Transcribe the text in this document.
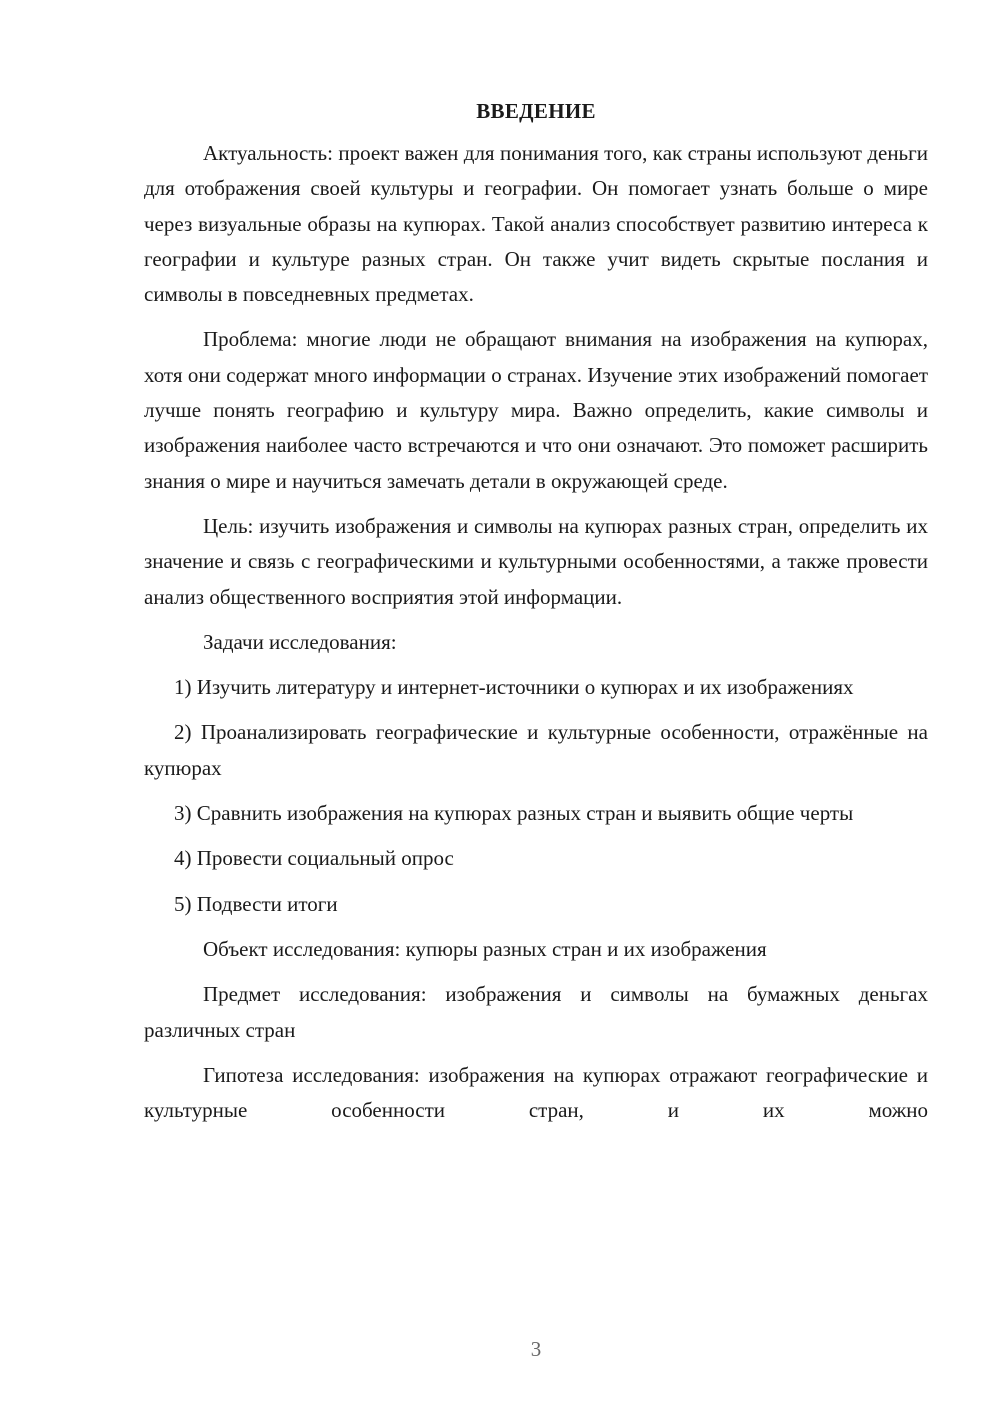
ВВЕДЕНИЕ

Актуальность: проект важен для понимания того, как страны используют деньги для отображения своей культуры и географии. Он помогает узнать больше о мире через визуальные образы на купюрах. Такой анализ способствует развитию интереса к географии и культуре разных стран. Он также учит видеть скрытые послания и символы в повседневных предметах.

Проблема: многие люди не обращают внимания на изображения на купюрах, хотя они содержат много информации о странах. Изучение этих изображений помогает лучше понять географию и культуру мира. Важно определить, какие символы и изображения наиболее часто встречаются и что они означают. Это поможет расширить знания о мире и научиться замечать детали в окружающей среде.

Цель: изучить изображения и символы на купюрах разных стран, определить их значение и связь с географическими и культурными особенностями, а также провести анализ общественного восприятия этой информации.

Задачи исследования:

1) Изучить литературу и интернет-источники о купюрах и их изображениях

2) Проанализировать географические и культурные особенности, отражённые на купюрах

3) Сравнить изображения на купюрах разных стран и выявить общие черты

4) Провести социальный опрос

5) Подвести итоги

Объект исследования: купюры разных стран и их изображения

Предмет исследования: изображения и символы на бумажных деньгах различных стран

Гипотеза исследования: изображения на купюрах отражают географические и культурные особенности стран, и их можно

3
